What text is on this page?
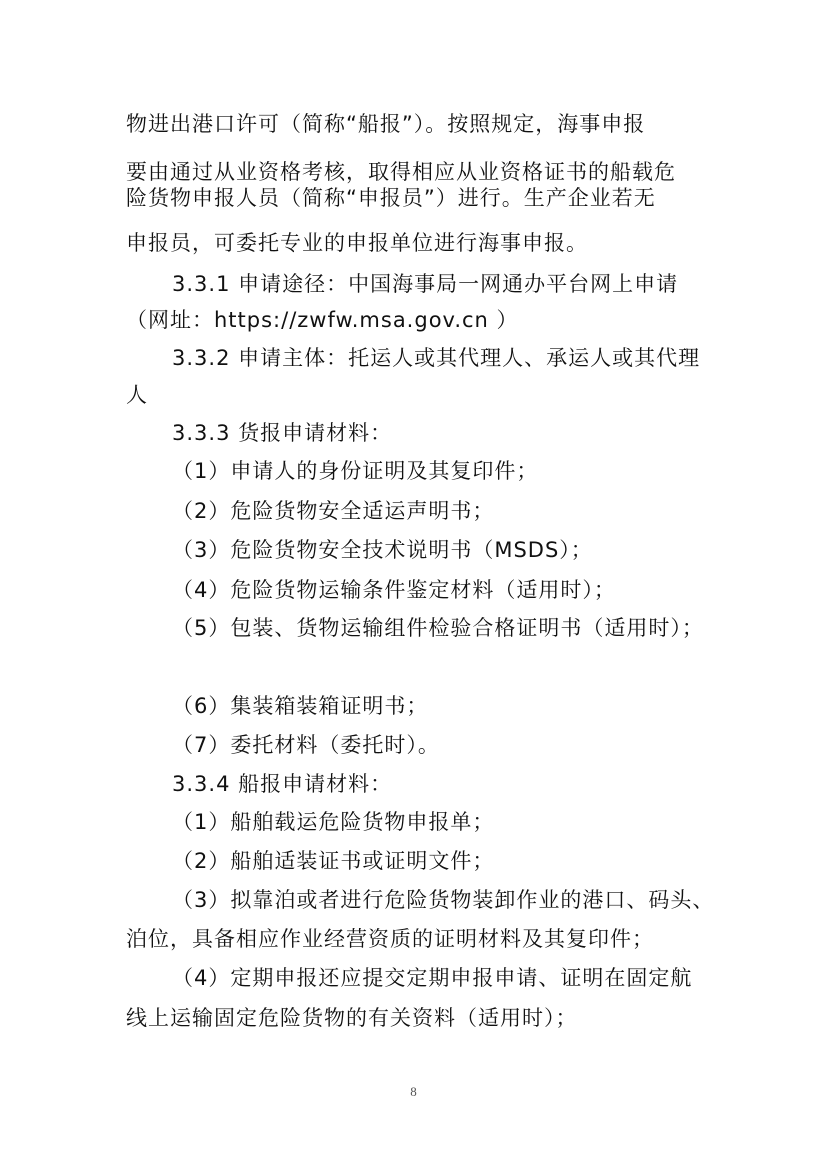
物进出港口许可（简称“船报”）。按照规定，海事申报
要由通过从业资格考核，取得相应从业资格证书的船载危
险货物申报人员（简称“申报员”）进行。生产企业若无
申报员，可委托专业的申报单位进行海事申报。
3.3.1 申请途径：中国海事局一网通办平台网上申请
（网址：https://zwfw.msa.gov.cn ）
3.3.2 申请主体：托运人或其代理人、承运人或其代理
人
3.3.3 货报申请材料：
（1）申请人的身份证明及其复印件；
（2）危险货物安全适运声明书；
（3）危险货物安全技术说明书（MSDS）；
（4）危险货物运输条件鉴定材料（适用时）；
（5）包装、货物运输组件检验合格证明书（适用时）；
（6）集装箱装箱证明书；
（7）委托材料（委托时）。
3.3.4 船报申请材料：
（1）船舶载运危险货物申报单；
（2）船舶适装证书或证明文件；
（3）拟靠泊或者进行危险货物装卸作业的港口、码头、
泊位，具备相应作业经营资质的证明材料及其复印件；
（4）定期申报还应提交定期申报申请、证明在固定航
线上运输固定危险货物的有关资料（适用时）；
8
